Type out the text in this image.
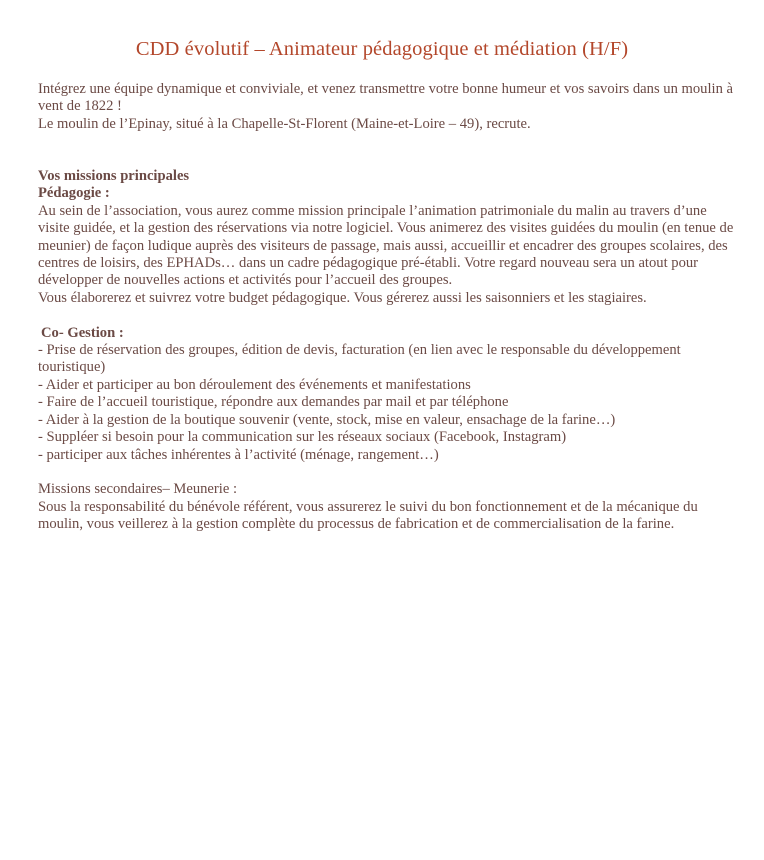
CDD évolutif – Animateur pédagogique et médiation (H/F)

Intégrez une équipe dynamique et conviviale, et venez transmettre votre bonne humeur et vos savoirs dans un moulin à vent de 1822 !

Le moulin de l’Epinay, situé à la Chapelle-St-Florent (Maine-et-Loire – 49), recrute.

Vos missions principales

Pédagogie :

Au sein de l’association, vous aurez comme mission principale l’animation patrimoniale du malin au travers d’une visite guidée, et la gestion des réservations via notre logiciel. Vous animerez des visites guidées du moulin (en tenue de meunier) de façon ludique auprès des visiteurs de passage, mais aussi, accueillir et encadrer des groupes scolaires, des centres de loisirs, des EPHADs… dans un cadre pédagogique pré-établi. Votre regard nouveau sera un atout pour développer de nouvelles actions et activités pour l’accueil des groupes.

Vous élaborerez et suivrez votre budget pédagogique. Vous gérerez aussi les saisonniers et les stagiaires.

Co- Gestion :

- Prise de réservation des groupes, édition de devis, facturation (en lien avec le responsable du développement touristique)

- Aider et participer au bon déroulement des événements et manifestations

- Faire de l’accueil touristique, répondre aux demandes par mail et par téléphone

- Aider à la gestion de la boutique souvenir (vente, stock, mise en valeur, ensachage de la farine…)

- Suppléer si besoin pour la communication sur les réseaux sociaux (Facebook, Instagram)

- participer aux tâches inhérentes à l’activité (ménage, rangement…)

Missions secondaires– Meunerie :

Sous la responsabilité du bénévole référent, vous assurerez le suivi du bon fonctionnement et de la mécanique du moulin, vous veillerez à la gestion complète du processus de fabrication et de commercialisation de la farine.
